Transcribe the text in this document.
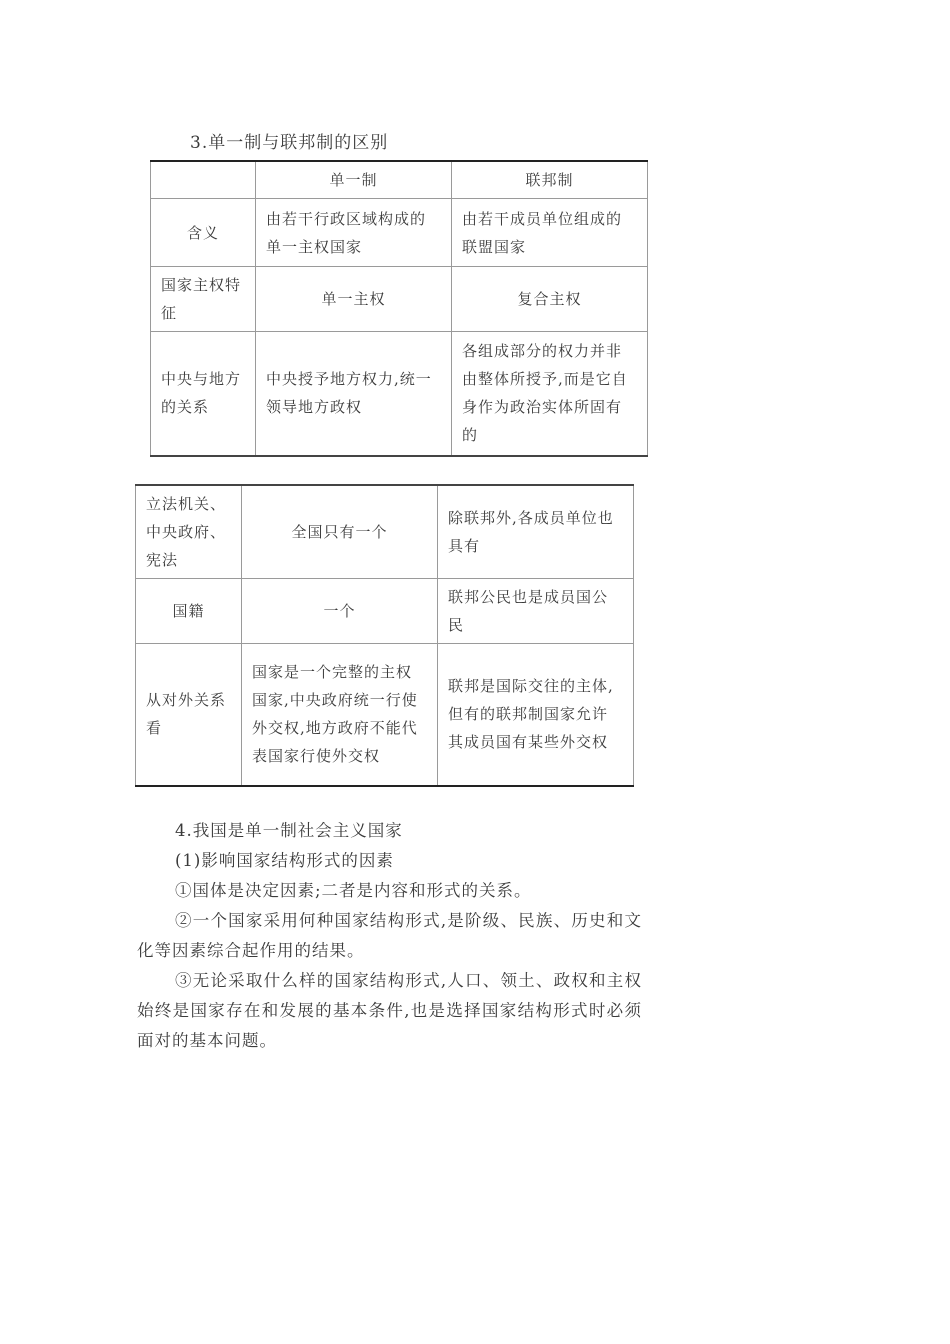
3.单一制与联邦制的区别
	单一制	联邦制
含义	由若干行政区域构成的单一主权国家	由若干成员单位组成的联盟国家
国家主权特征	单一主权	复合主权
中央与地方的关系	中央授予地方权力,统一领导地方政权	各组成部分的权力并非由整体所授予,而是它自身作为政治实体所固有的
立法机关、中央政府、宪法	全国只有一个	除联邦外,各成员单位也具有
国籍	一个	联邦公民也是成员国公民
从对外关系看	国家是一个完整的主权国家,中央政府统一行使外交权,地方政府不能代表国家行使外交权	联邦是国际交往的主体,但有的联邦制国家允许其成员国有某些外交权

4.我国是单一制社会主义国家

(1)影响国家结构形式的因素

①国体是决定因素;二者是内容和形式的关系。

②一个国家采用何种国家结构形式,是阶级、民族、历史和文化等因素综合起作用的结果。

③无论采取什么样的国家结构形式,人口、领土、政权和主权始终是国家存在和发展的基本条件,也是选择国家结构形式时必须面对的基本问题。
